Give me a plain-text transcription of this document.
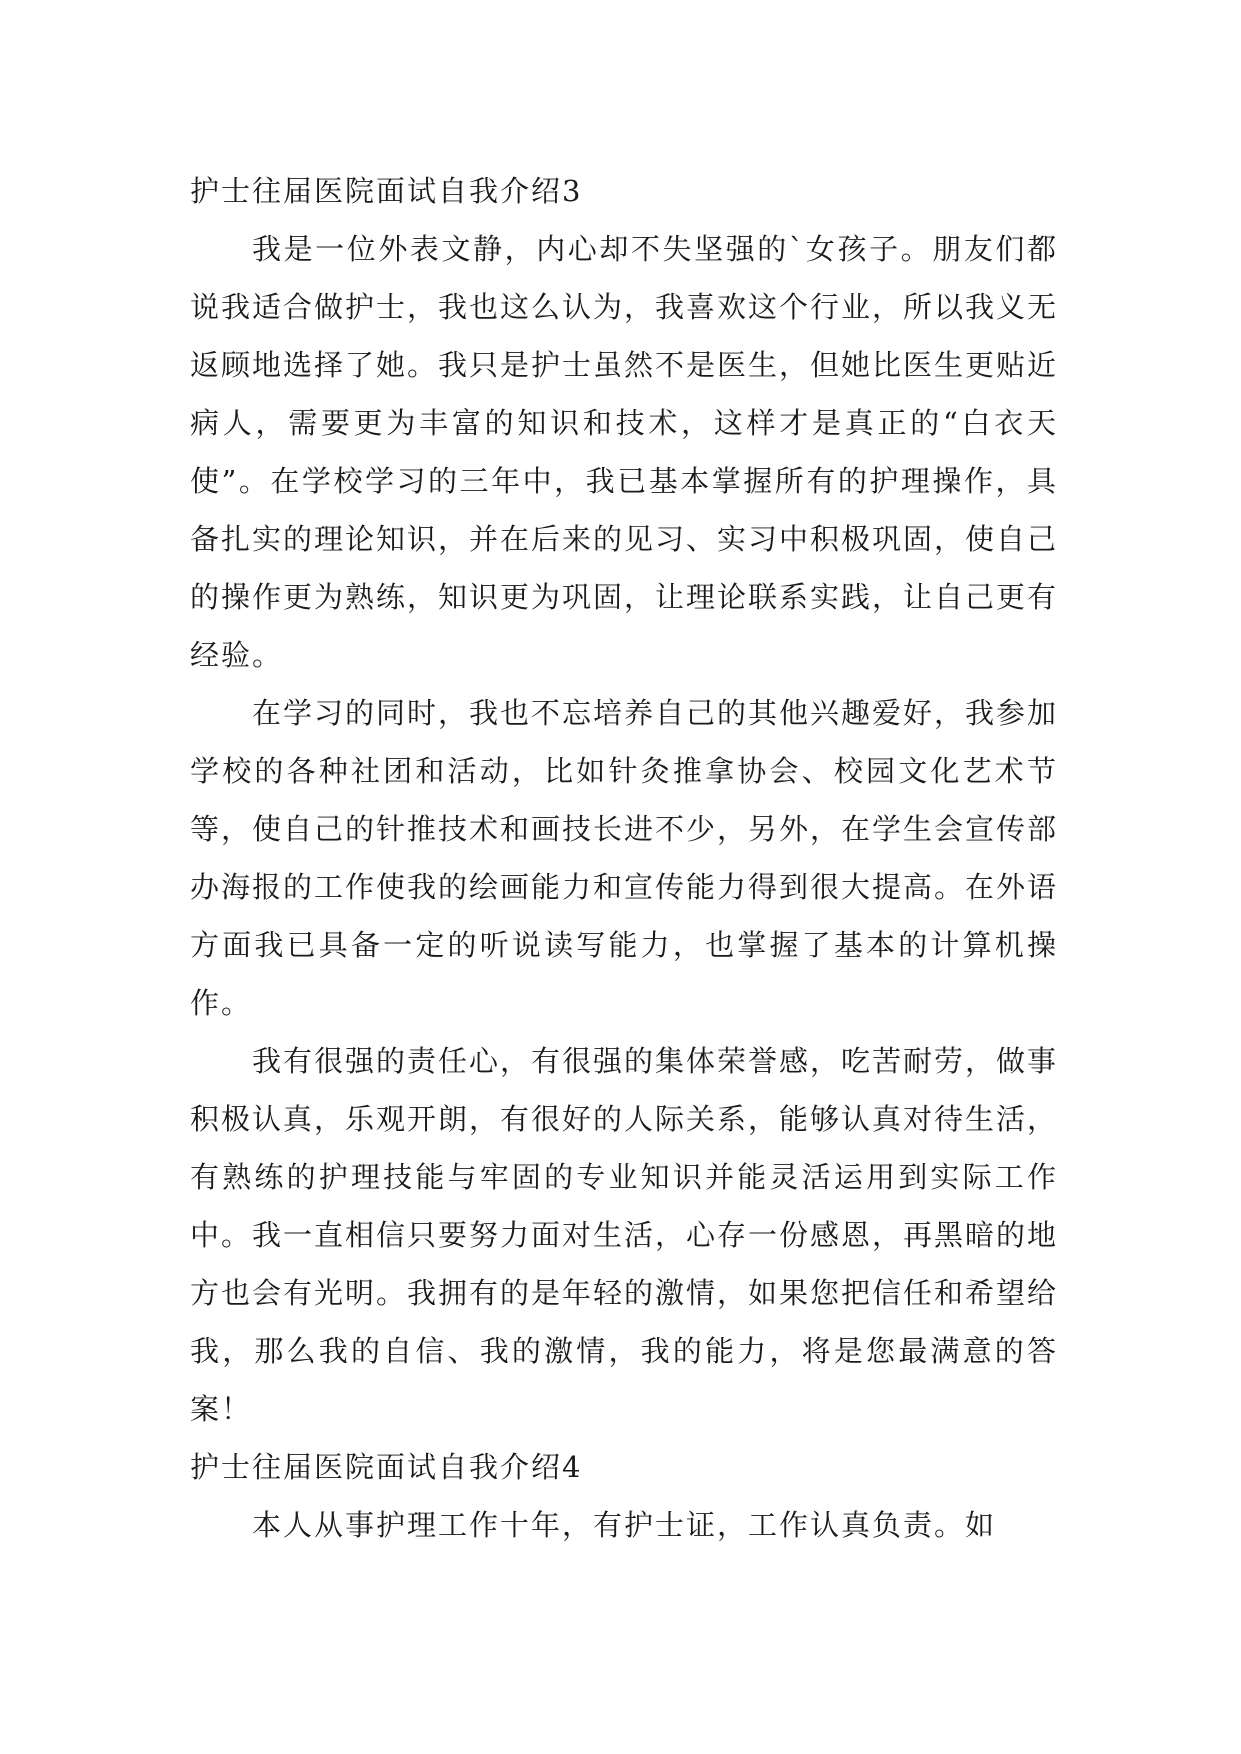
护士往届医院面试自我介绍3

我是一位外表文静，内心却不失坚强的`女孩子。朋友们都说我适合做护士，我也这么认为，我喜欢这个行业，所以我义无返顾地选择了她。我只是护士虽然不是医生，但她比医生更贴近病人，需要更为丰富的知识和技术，这样才是真正的“白衣天使”。在学校学习的三年中，我已基本掌握所有的护理操作，具备扎实的理论知识，并在后来的见习、实习中积极巩固，使自己的操作更为熟练，知识更为巩固，让理论联系实践，让自己更有经验。

在学习的同时，我也不忘培养自己的其他兴趣爱好，我参加学校的各种社团和活动，比如针灸推拿协会、校园文化艺术节等，使自己的针推技术和画技长进不少，另外，在学生会宣传部办海报的工作使我的绘画能力和宣传能力得到很大提高。在外语方面我已具备一定的听说读写能力，也掌握了基本的计算机操作。

我有很强的责任心，有很强的集体荣誉感，吃苦耐劳，做事积极认真，乐观开朗，有很好的人际关系，能够认真对待生活，有熟练的护理技能与牢固的专业知识并能灵活运用到实际工作中。我一直相信只要努力面对生活，心存一份感恩，再黑暗的地方也会有光明。我拥有的是年轻的激情，如果您把信任和希望给我，那么我的自信、我的激情，我的能力，将是您最满意的答案！

护士往届医院面试自我介绍4

本人从事护理工作十年，有护士证，工作认真负责。如
